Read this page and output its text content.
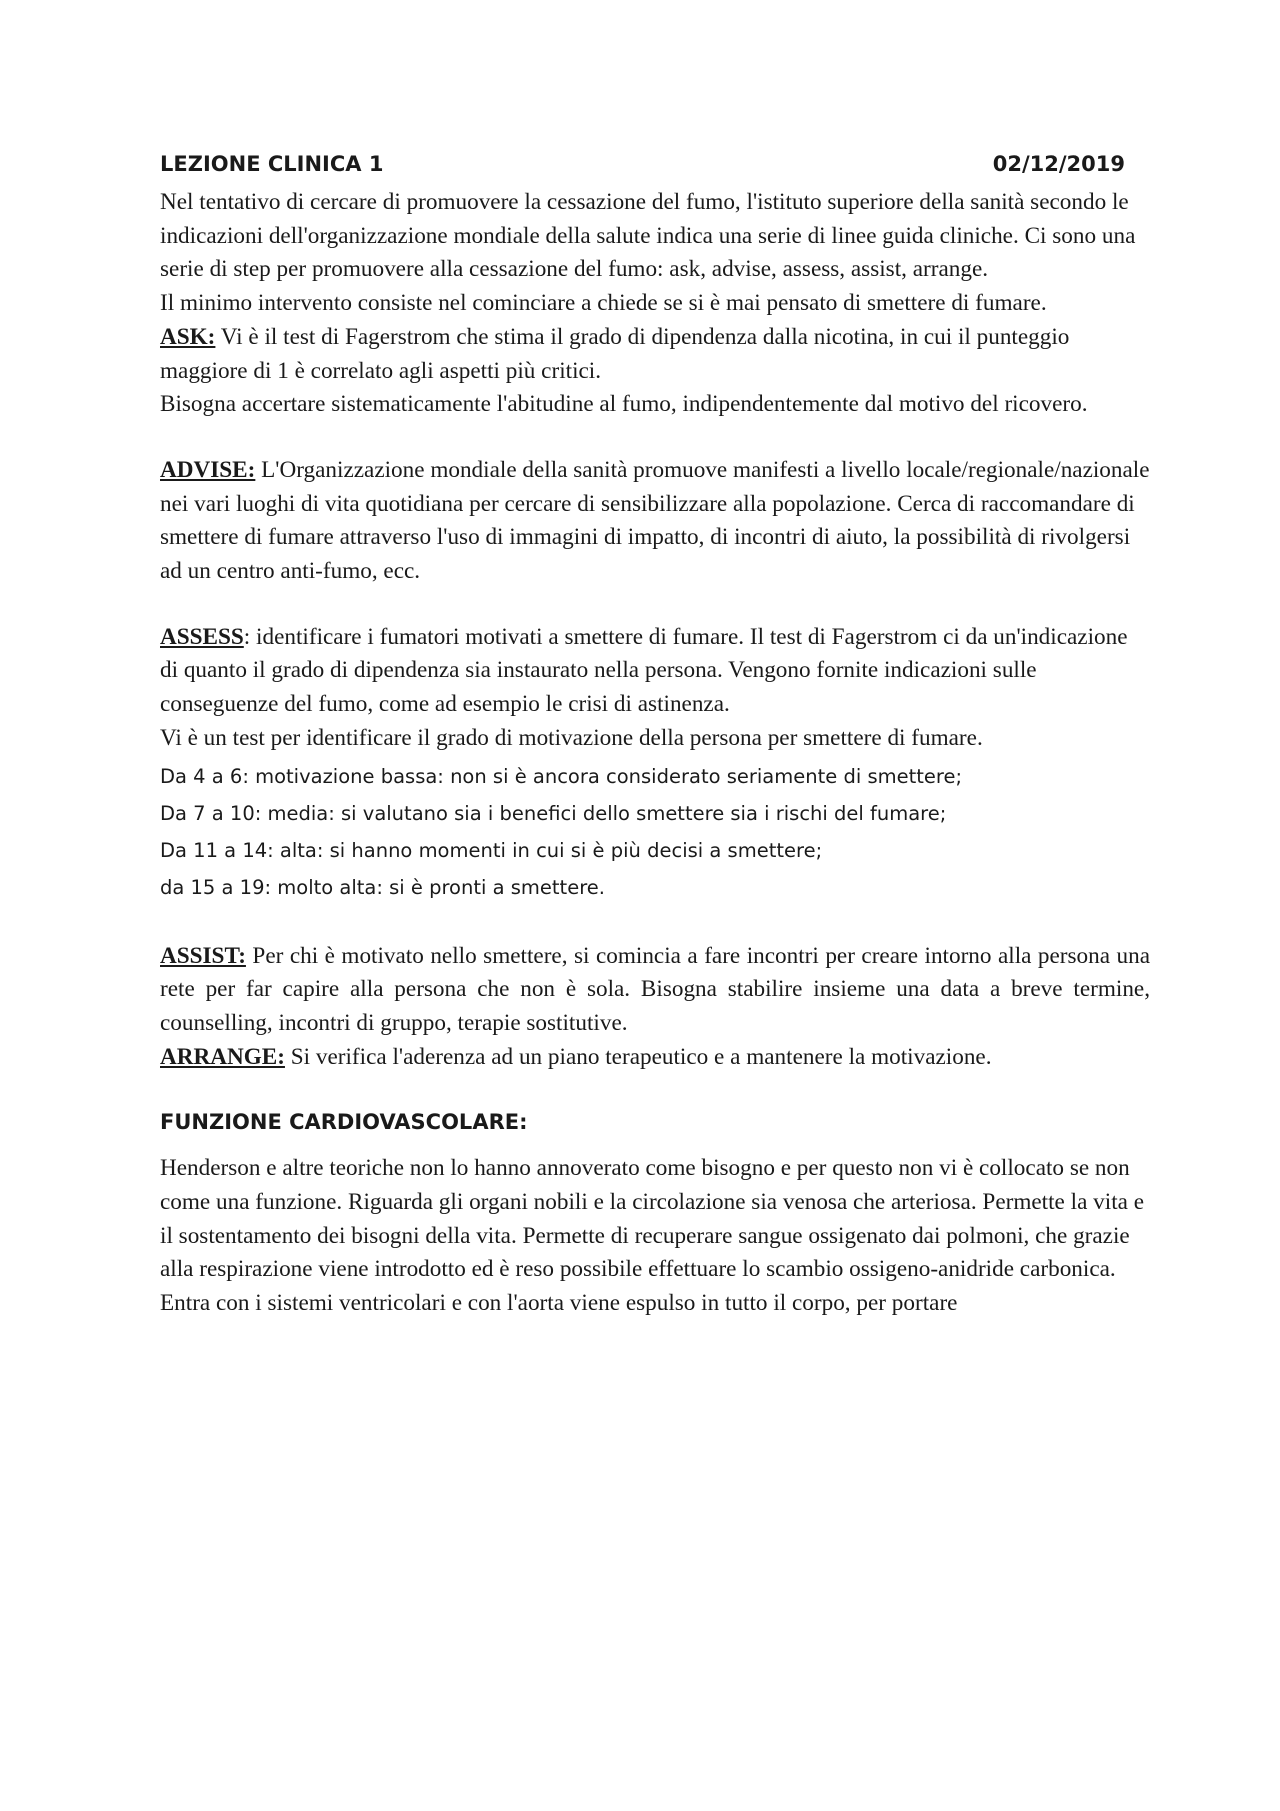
LEZIONE CLINICA 1	02/12/2019

Nel tentativo di cercare di promuovere la cessazione del fumo, l'istituto superiore della sanità secondo le indicazioni dell'organizzazione mondiale della salute indica una serie di linee guida cliniche. Ci sono una serie di step per promuovere alla cessazione del fumo: ask, advise, assess, assist, arrange.

Il minimo intervento consiste nel cominciare a chiede se si è mai pensato di smettere di fumare.

ASK: Vi è il test di Fagerstrom che stima il grado di dipendenza dalla nicotina, in cui il punteggio maggiore di 1 è correlato agli aspetti più critici.

Bisogna accertare sistematicamente l'abitudine al fumo, indipendentemente dal motivo del ricovero.

ADVISE: L'Organizzazione mondiale della sanità promuove manifesti a livello locale/regionale/nazionale nei vari luoghi di vita quotidiana per cercare di sensibilizzare alla popolazione. Cerca di raccomandare di smettere di fumare attraverso l'uso di immagini di impatto, di incontri di aiuto, la possibilità di rivolgersi ad un centro anti-fumo, ecc.

ASSESS: identificare i fumatori motivati a smettere di fumare. Il test di Fagerstrom ci da un'indicazione di quanto il grado di dipendenza sia instaurato nella persona. Vengono fornite indicazioni sulle conseguenze del fumo, come ad esempio le crisi di astinenza.

Vi è un test per identificare il grado di motivazione della persona per smettere di fumare.

Da 4 a 6: motivazione bassa: non si è ancora considerato seriamente di smettere;
Da 7 a 10: media: si valutano sia i benefici dello smettere sia i rischi del fumare;
Da 11 a 14: alta: si hanno momenti in cui si è più decisi a smettere;
da 15 a 19: molto alta: si è pronti a smettere.

ASSIST: Per chi è motivato nello smettere, si comincia a fare incontri per creare intorno alla persona una rete per far capire alla persona che non è sola. Bisogna stabilire insieme una data a breve termine, counselling, incontri di gruppo, terapie sostitutive.

ARRANGE: Si verifica l'aderenza ad un piano terapeutico e a mantenere la motivazione.

FUNZIONE CARDIOVASCOLARE:

Henderson e altre teoriche non lo hanno annoverato come bisogno e per questo non vi è collocato se non come una funzione. Riguarda gli organi nobili e la circolazione sia venosa che arteriosa. Permette la vita e il sostentamento dei bisogni della vita. Permette di recuperare sangue ossigenato dai polmoni, che grazie alla respirazione viene introdotto ed è reso possibile effettuare lo scambio ossigeno-anidride carbonica. Entra con i sistemi ventricolari e con l'aorta viene espulso in tutto il corpo, per portare
